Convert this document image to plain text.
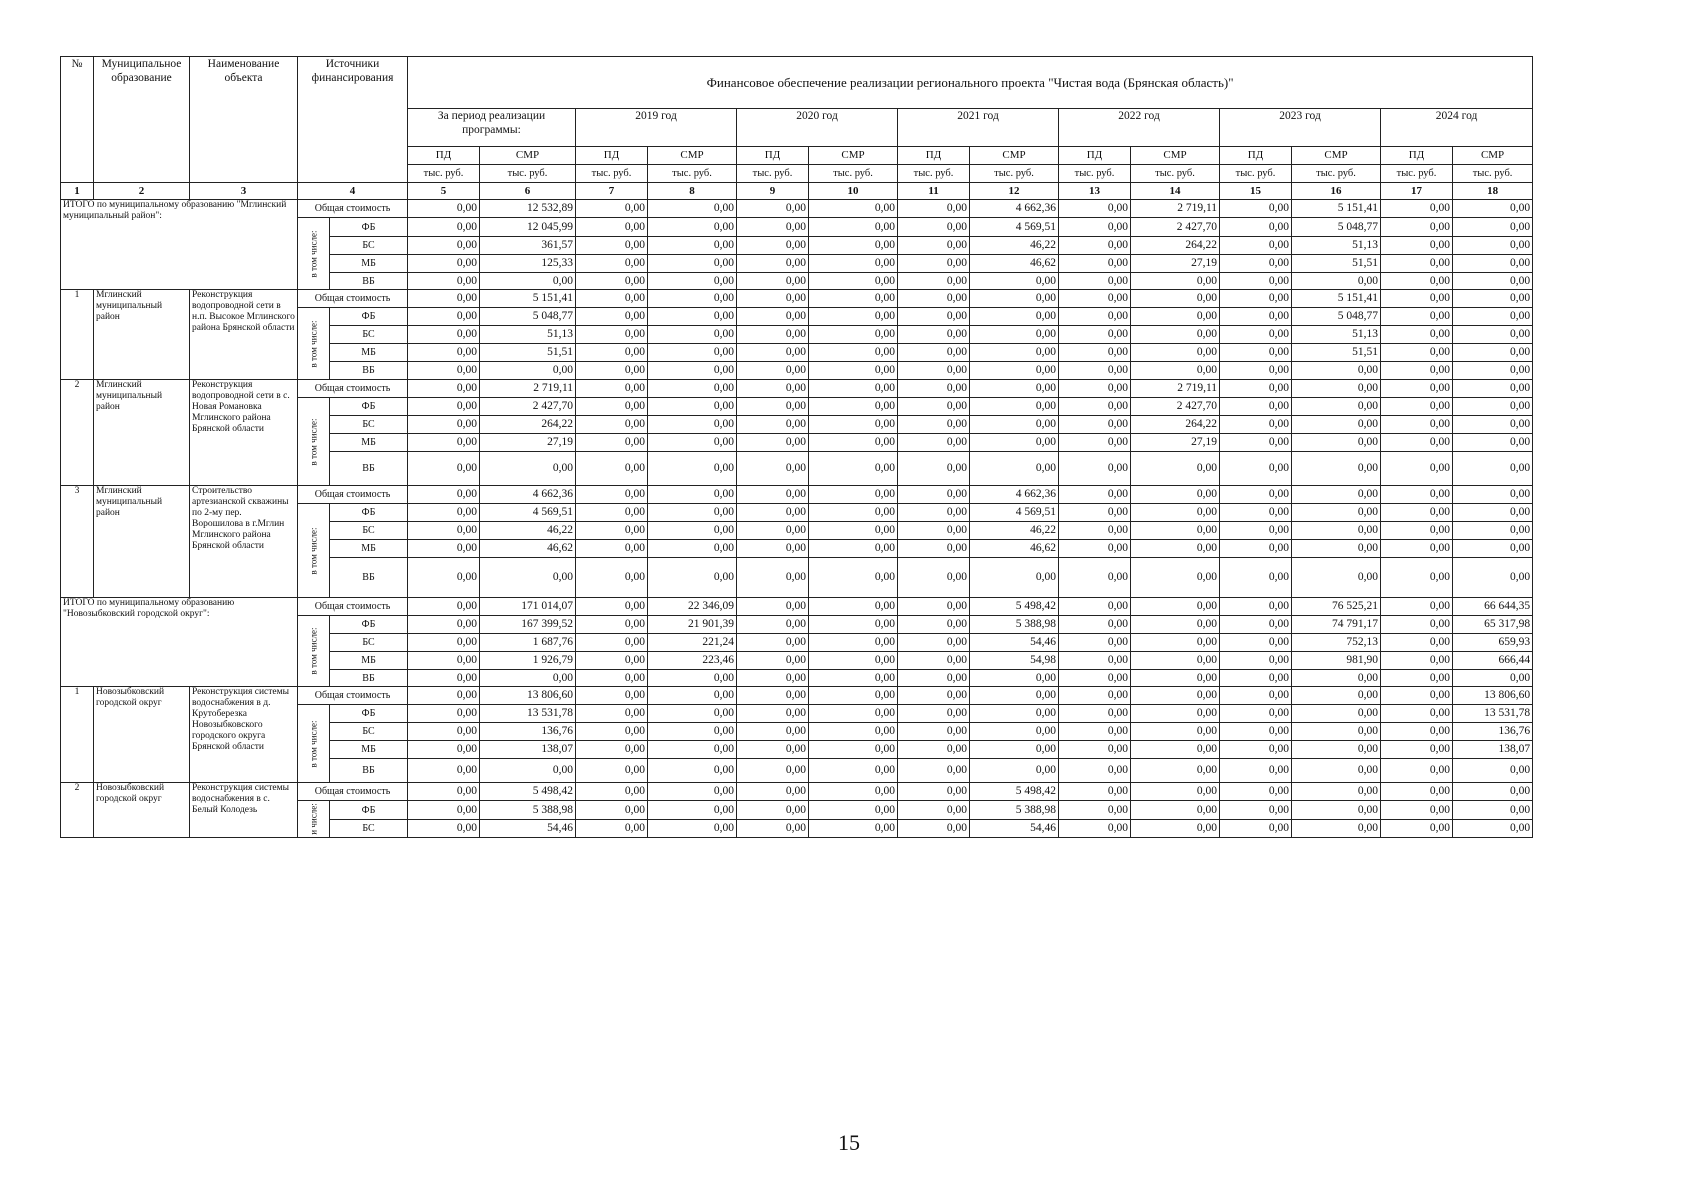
№	Муниципальное образование	Наименование объекта	Источники финансирования		Финансовое обеспечение реализации регионального проекта "Чистая вода (Брянская область)"													
					За период реализации программы:		2019 год		2020 год		2021 год		2022 год		2023 год		2024 год	
					ПД	СМР	ПД	СМР	ПД	СМР	ПД	СМР	ПД	СМР	ПД	СМР	ПД	СМР
					тыс. руб.	тыс. руб.	тыс. руб.	тыс. руб.	тыс. руб.	тыс. руб.	тыс. руб.	тыс. руб.	тыс. руб.	тыс. руб.	тыс. руб.	тыс. руб.	тыс. руб.	тыс. руб.
1	2	3	4		5	6	7	8	9	10	11	12	13	14	15	16	17	18
ИТОГО по муниципальному образованию "Мглинский муниципальный район":			Общая стоимость		0,00	12 532,89	0,00	0,00	0,00	0,00	0,00	4 662,36	0,00	2 719,11	0,00	5 151,41	0,00	0,00

			в том числе:	ФБ	0,00	12 045,99	0,00	0,00	0,00	0,00	0,00	4 569,51	0,00	2 427,70	0,00	5 048,77	0,00	0,00
				БС	0,00	361,57	0,00	0,00	0,00	0,00	0,00	46,22	0,00	264,22	0,00	51,13	0,00	0,00
				МБ	0,00	125,33	0,00	0,00	0,00	0,00	0,00	46,62	0,00	27,19	0,00	51,51	0,00	0,00
				ВБ	0,00	0,00	0,00	0,00	0,00	0,00	0,00	0,00	0,00	0,00	0,00	0,00	0,00	0,00
1	Мглинский муниципальный район	Реконструкция водопроводной сети в н.п. Высокое Мглинского района Брянской области	Общая стоимость		0,00	5 151,41	0,00	0,00	0,00	0,00	0,00	0,00	0,00	0,00	0,00	5 151,41	0,00	0,00

			в том числе:	ФБ	0,00	5 048,77	0,00	0,00	0,00	0,00	0,00	0,00	0,00	0,00	0,00	5 048,77	0,00	0,00
				БС	0,00	51,13	0,00	0,00	0,00	0,00	0,00	0,00	0,00	0,00	0,00	51,13	0,00	0,00
				МБ	0,00	51,51	0,00	0,00	0,00	0,00	0,00	0,00	0,00	0,00	0,00	51,51	0,00	0,00
				ВБ	0,00	0,00	0,00	0,00	0,00	0,00	0,00	0,00	0,00	0,00	0,00	0,00	0,00	0,00
2	Мглинский муниципальный район	Реконструкция водопроводной сети в с. Новая Романовка Мглинского района Брянской области	Общая стоимость		0,00	2 719,11	0,00	0,00	0,00	0,00	0,00	0,00	0,00	2 719,11	0,00	0,00	0,00	0,00

			в том числе:	ФБ	0,00	2 427,70	0,00	0,00	0,00	0,00	0,00	0,00	0,00	2 427,70	0,00	0,00	0,00	0,00
				БС	0,00	264,22	0,00	0,00	0,00	0,00	0,00	0,00	0,00	264,22	0,00	0,00	0,00	0,00
				МБ	0,00	27,19	0,00	0,00	0,00	0,00	0,00	0,00	0,00	27,19	0,00	0,00	0,00	0,00
				ВБ	0,00	0,00	0,00	0,00	0,00	0,00	0,00	0,00	0,00	0,00	0,00	0,00	0,00	0,00
3	Мглинский муниципальный район	Строительство артезианской скважины по 2-му пер. Ворошилова в г.Мглин Мглинского района Брянской области	Общая стоимость		0,00	4 662,36	0,00	0,00	0,00	0,00	0,00	4 662,36	0,00	0,00	0,00	0,00	0,00	0,00

			в том числе:	ФБ	0,00	4 569,51	0,00	0,00	0,00	0,00	0,00	4 569,51	0,00	0,00	0,00	0,00	0,00	0,00
				БС	0,00	46,22	0,00	0,00	0,00	0,00	0,00	46,22	0,00	0,00	0,00	0,00	0,00	0,00
				МБ	0,00	46,62	0,00	0,00	0,00	0,00	0,00	46,62	0,00	0,00	0,00	0,00	0,00	0,00
				ВБ	0,00	0,00	0,00	0,00	0,00	0,00	0,00	0,00	0,00	0,00	0,00	0,00	0,00	0,00
ИТОГО по муниципальному образованию "Новозыбковский городской округ":			Общая стоимость		0,00	171 014,07	0,00	22 346,09	0,00	0,00	0,00	5 498,42	0,00	0,00	0,00	76 525,21	0,00	66 644,35

			в том числе:	ФБ	0,00	167 399,52	0,00	21 901,39	0,00	0,00	0,00	5 388,98	0,00	0,00	0,00	74 791,17	0,00	65 317,98
				БС	0,00	1 687,76	0,00	221,24	0,00	0,00	0,00	54,46	0,00	0,00	0,00	752,13	0,00	659,93
				МБ	0,00	1 926,79	0,00	223,46	0,00	0,00	0,00	54,98	0,00	0,00	0,00	981,90	0,00	666,44
				ВБ	0,00	0,00	0,00	0,00	0,00	0,00	0,00	0,00	0,00	0,00	0,00	0,00	0,00	0,00
1	Новозыбковский городской округ	Реконструкция системы водоснабжения в д. Крутоберезка Новозыбковского городского округа Брянской области	Общая стоимость		0,00	13 806,60	0,00	0,00	0,00	0,00	0,00	0,00	0,00	0,00	0,00	0,00	0,00	13 806,60

			в том числе:	ФБ	0,00	13 531,78	0,00	0,00	0,00	0,00	0,00	0,00	0,00	0,00	0,00	0,00	0,00	13 531,78
				БС	0,00	136,76	0,00	0,00	0,00	0,00	0,00	0,00	0,00	0,00	0,00	0,00	0,00	136,76
				МБ	0,00	138,07	0,00	0,00	0,00	0,00	0,00	0,00	0,00	0,00	0,00	0,00	0,00	138,07
				ВБ	0,00	0,00	0,00	0,00	0,00	0,00	0,00	0,00	0,00	0,00	0,00	0,00	0,00	0,00
2	Новозыбковский городской округ	Реконструкция системы водоснабжения в с. Белый Колодезь	Общая стоимость		0,00	5 498,42	0,00	0,00	0,00	0,00	0,00	5 498,42	0,00	0,00	0,00	0,00	0,00	0,00

			и числе:	ФБ	0,00	5 388,98	0,00	0,00	0,00	0,00	0,00	5 388,98	0,00	0,00	0,00	0,00	0,00	0,00
				БС	0,00	54,46	0,00	0,00	0,00	0,00	0,00	54,46	0,00	0,00	0,00	0,00	0,00	0,00
15
